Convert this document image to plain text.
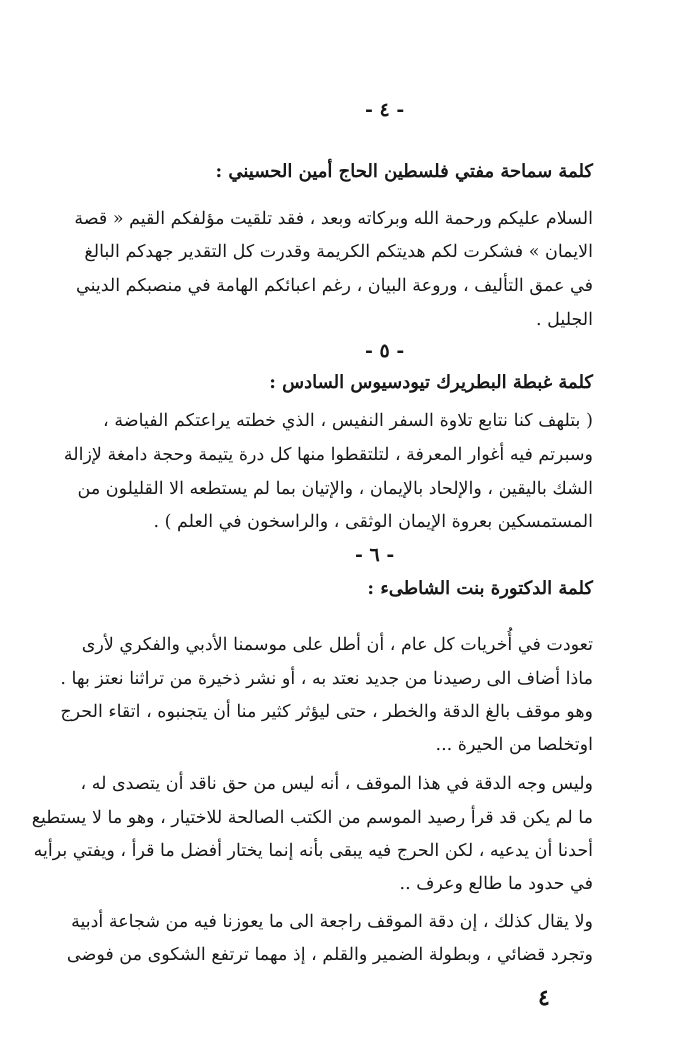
- ٤ -
كلمة سماحة مفتي فلسطين الحاج أمين الحسيني :
السلام عليكم ورحمة الله وبركاته وبعد ، فقد تلقيت مؤلفكم القيم « قصة
الايمان » فشكرت لكم هديتكم الكريمة وقدرت كل التقدير جهدكم البالغ
في عمق التأليف ، وروعة البيان ، رغم اعبائكم الهامة في منصبكم الديني
الجليل .
- ٥ -
كلمة غبطة البطريرك تيودسيوس السادس :
( بتلهف كنا نتابع تلاوة السفر النفيس ، الذي خطته يراعتكم الفياضة ،
وسبرتم فيه أغوار المعرفة ، لتلتقطوا منها كل درة يتيمة وحجة دامغة لإزالة
الشك باليقين ، والإلحاد بالإيمان ، والإتيان بما لم يستطعه الا القليلون من
المستمسكين بعروة الإيمان الوثقى ، والراسخون في العلم ) .
- ٦ -
كلمة الدكتورة بنت الشاطىء :
تعودت في أُخريات كل عام ، أن أطل على موسمنا الأدبي والفكري لأرى
ماذا أضاف الى رصيدنا من جديد نعتد به ، أو نشر ذخيرة من تراثنا نعتز بها .
وهو موقف بالغ الدقة والخطر ، حتى ليؤثر كثير منا أن يتجنبوه ، اتقاء الحرج
اوتخلصا من الحيرة ...
وليس وجه الدقة في هذا الموقف ، أنه ليس من حق ناقد أن يتصدى له ،
ما لم يكن قد قرأ رصيد الموسم من الكتب الصالحة للاختيار ، وهو ما لا يستطيع
أحدنا أن يدعيه ، لكن الحرج فيه يبقى بأنه إنما يختار أفضل ما قرأ ، ويفتي برأيه
في حدود ما طالع وعرف ..
ولا يقال كذلك ، إن دقة الموقف راجعة الى ما يعوزنا فيه من شجاعة أدبية
وتجرد قضائي ، وبطولة الضمير والقلم ، إذ مهما ترتفع الشكوى من فوضى
٤
